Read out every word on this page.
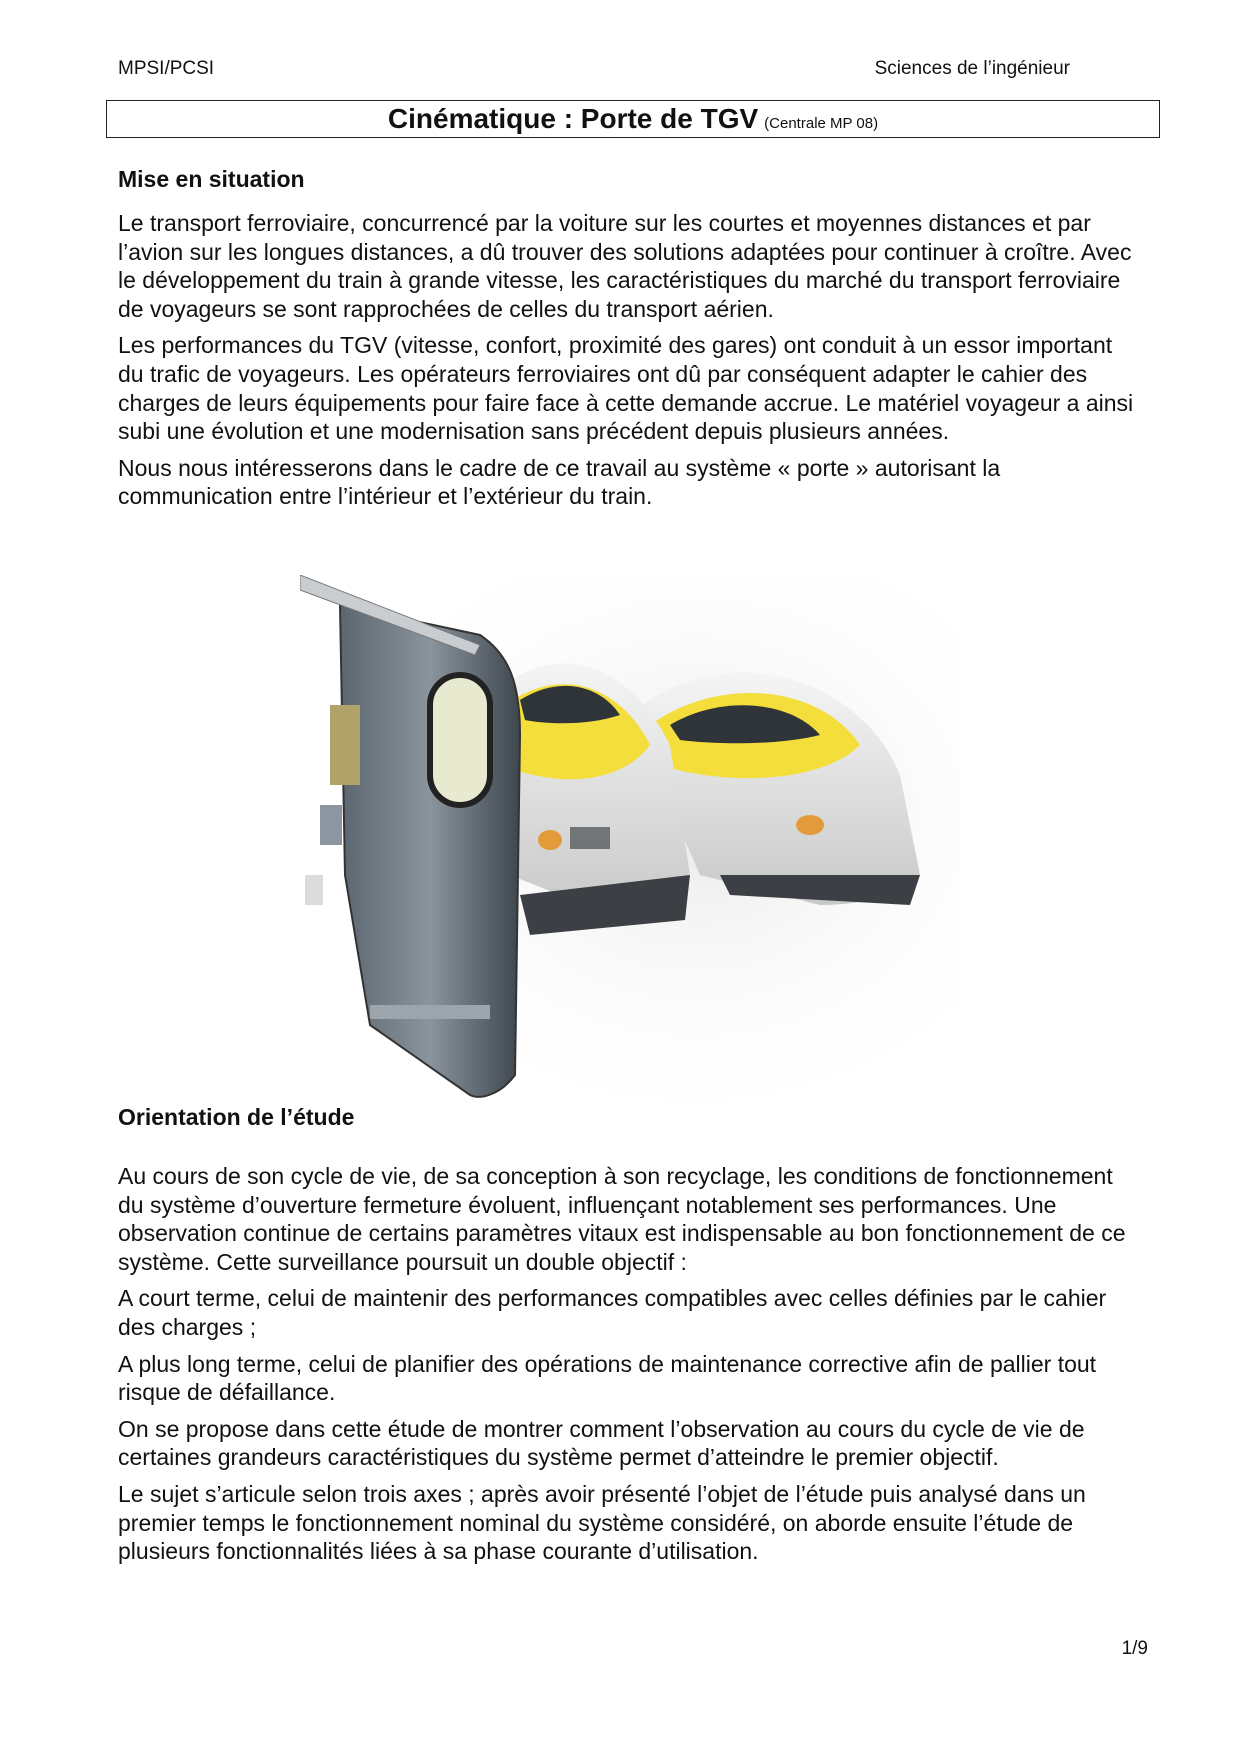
MPSI/PCSI	Sciences de l’ingénieur
Cinématique : Porte de TGV (Centrale MP 08)
Mise en situation

Le transport ferroviaire, concurrencé par la voiture sur les courtes et moyennes distances et par l’avion sur les longues distances, a dû trouver des solutions adaptées pour continuer à croître. Avec le développement du train à grande vitesse, les caractéristiques du marché du transport ferroviaire de voyageurs se sont rapprochées de celles du transport aérien.

Les performances du TGV (vitesse, confort, proximité des gares) ont conduit à un essor important du trafic de voyageurs. Les opérateurs ferroviaires ont dû par conséquent adapter le cahier des charges de leurs équipements pour faire face à cette demande accrue. Le matériel voyageur a ainsi subi une évolution et une modernisation sans précédent depuis plusieurs années.

Nous nous intéresserons dans le cadre de ce travail au système « porte » autorisant la communication entre l’intérieur et l’extérieur du train.

Orientation de l’étude

Au cours de son cycle de vie, de sa conception à son recyclage, les conditions de fonctionnement du système d’ouverture fermeture évoluent, influençant notablement ses performances. Une observation continue de certains paramètres vitaux est indispensable au bon fonctionnement de ce système. Cette surveillance poursuit un double objectif :

A court terme, celui de maintenir des performances compatibles avec celles définies par le cahier des charges ;

A plus long terme, celui de planifier des opérations de maintenance corrective afin de pallier tout risque de défaillance.

On se propose dans cette étude de montrer comment l’observation au cours du cycle de vie de certaines grandeurs caractéristiques du système permet d’atteindre le premier objectif.

Le sujet s’articule selon trois axes ; après avoir présenté l’objet de l’étude puis analysé dans un premier temps le fonctionnement nominal du système considéré, on aborde ensuite l’étude de plusieurs fonctionnalités liées à sa phase courante d’utilisation.

1/9
